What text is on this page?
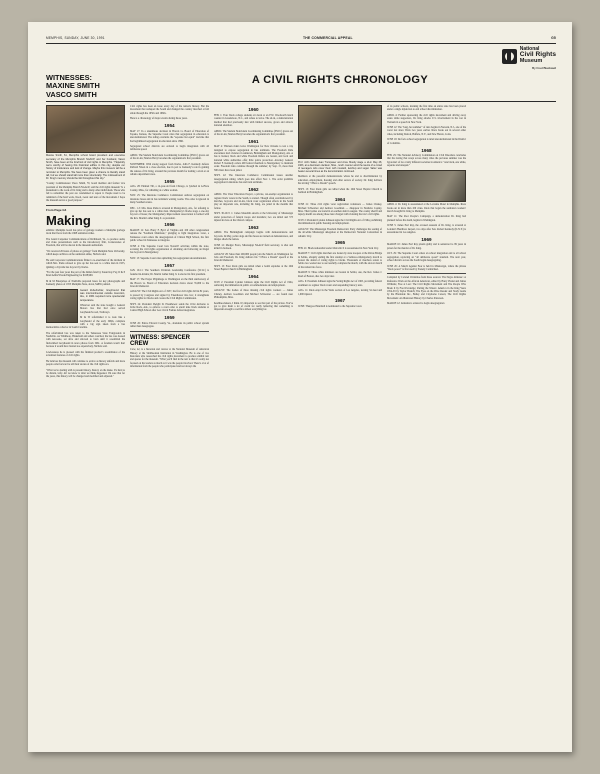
MEMPHIS, SUNDAY, JUNE 30, 1991	THE COMMERCIAL APPEAL	G5
National
Civil Rights
Museum
By Fred Blackwell
WITNESSES:
MAXINE SMITH
VASCO SMITH
A CIVIL RIGHTS CHRONOLOGY

Maxine Smith, 61, Memphis school board president and executive secretary of the Memphis Branch NAACP, and her husband, Vasco Smith, have been at the forefront of civil rights in Memphis. "Hopefully we're worthy of having this historical edifice in this city, despite our history of intolerance and lack of change. Maybe this museum will be a reminder to Memphis. We have been given a chance to literally stand tall, but we should stand tall more than structurally. The mistreatment of Dr. King's memory should be felt throughout this city."

"County Commissioner Vasco Smith, 70, board member and former vice president of the Memphis Branch NAACP, said the civil rights museum "is a monument to the work of Dr. King and to many other individuals. Those who fail to remember the past are condemned to repeat it. People need to be reminded of the hard work, blood, sweat and tears of the movement. I hope the museum serves a good purpose."

From Page G4
Making

exhibits: Memphis board bus price of garbage workers a Memphis garbage truck that flows from the 1968 sanitation strike.

The Grand Carpenter Communications of Richmond, Va., to produce audio and video presentations such as the introductory film, Cornerstones of Freedom, that will be shown in the museum auditorium.

"We received 26 hours of photos at garbage" from Memphis State University, which keeps archives on the sanitation strike, Nichols said.

He said Corporate Communications filmed a re-enactment of the incident in which Mrs. Parks refused to give up her bus seat to a white man in 1955, igniting a citywide bus boycott by blacks.

"For the past four years the part of the Indian fund by Susan Kay Fay, D & P hired Addis/Vlasak Engineering for $108,900.

M & M Enterprises of Nashville prepared bases for key photographs and Kennedy photos of 1955 Memphis State, down, M&W painted.

Gerard Zuberbuhler, Greyhound that was intercontinental outside Asuncion, Ala., in 1961 required more spectacular temperature.

Whatever said the state bought a General Motors bus that had once served Greyhound's road, Trailways.

M & W refurbished it to look like a Greyhound of the early 1960s, complete with a big sign taken from a bus memorabilia collector in South Carolina.

The refurbished bus was taken to the Tennessee State Fairgrounds in Nashville. As Wildmore, Blakefield and others watched, the bus was doused with kerosene, set afire and allowed to burn until it resembled the firebombed Greyhound in news photos from 1961. A foreman wasn't hurt because it would have burned too expensively, Nichols said.

Lawlessness he is pleased with the finished product's resemblance of the actualized features of civil rights.

He believes the museum will continue to evolve as history unfolds and more people order forward to tell their stories of the civil rights era.

"What we're dealing with is present history, history on the make. It's hard to be distant, lofty. All we know is what we think happened. I'm sure that for the years, this history will be changed and modified and adjusted."

Civil rights has been an issue every day of the nation's history. But the movement that reshaped the South and changed the country marched at full stride through the 1950s and 1960s.

Here is a chronology of major events during those years.

1954

MAY 17: In a unanimous decision in Brown vs. Board of Education of Topeka, Kansas, the Supreme Court rules that segregation in education is unconstitutional. The ruling overturns the "separate but equal" doctrine that had legitimized segregation in education since 1896.

Segregated school districts are ordered to begin integration with all deliberate speed.

APRIL: The Student Nonviolent Coordinating Committee (SNCC) grows out of the sit-ins; Marion Barry becomes the organization's first president.

NOVEMBER: With strong support from blacks, John F. Kennedy defeats Richard Nixon in a close election, due in part to Kennedy's role in gaining the release of Dr. King, arrested the previous month for leading a sit-in at an Atlanta department store.

1955

AUG. 28: Emmett Till, a 14-year-old from Chicago, is lynched in LeFlore County, Miss., for whistling at a white woman.

NOV. 25: The Interstate Commerce Commission outlaws segregation on interstate buses and in bus terminals waiting rooms. The order is ignored in many Southern states.

DEC. 1-5: Mrs. Rosa Parks is arrested in Montgomery, Ala., for refusing to give up her bus seat to a white man. Montgomery's blacks stage a one-day boycott of buses; the Montgomery Improvement Association is formed with the Rev. Martin Luther King Jr. as president.

1956

MARCH 12: Sen. Harry F. Byrd of Virginia and 100 other congressmen release the "Southern Manifesto," pledging to fight integration. Later, a Tennessee court orders the desegregation of Clinton High School, the first public school in Tennessee to integrate.

JUNE 4: The Supreme Court bars NAACP activities within the state, accusing the civil rights organization of obtaining and following an illegal bus boycott in Montgomery.

NOV. 13: Supreme Court rules upholding bus segregation unconstitutional.

1957

JAN. 10-11: The Southern Christian Leadership Conference (SCLC) is founded in Atlanta; Dr. Martin Luther King Jr. is elected its first president.

MAY 17: The Prayer Pilgrimage to Washington on the third anniversary of the Brown vs. Board of Education decision draws about 35,000 to the Lincoln Memorial.

AUGUST: The Civil Rights Act of 1957, the first civil rights bill in 82 years, is passed by Congress and signed by Eisenhower into law; it strengthens voting rights for blacks and creates the Civil Rights Commission.

SEPT. 24: President Dwight D. Eisenhower sends the 101st Airborne to Little Rock, Ark., to enforce a court order to enroll nine black students at Central High School after Gov. Orval Faubus defies integration.

1959

JUNE 26: Prince Edward County, Va., abandons its public school system rather than desegregate.

WITNESS: SPENCER CREW

Crew, 42, is a historian and curator at the National Museum of American History at the Smithsonian Institution in Washington. He is one of two historians who researched the civil rights movement to produce exhibit text and quotes for the museum. "What you'll find in the text is that it's really not focused on the leaders as much as it was the people involved. There's a lot of information from the people who participated and not always the

1960

FEB. 1: Four black college students sit down at an F.W. Woolworth lunch counter in Greensboro, N.C., and refuse to leave. The sit-in, a demonstration method that had previously met with limited success, grows and attracts national attention.

APRIL: The Student Nonviolent Coordinating Committee (SNCC) grows out of the sit-ins; Marion Barry becomes the organization's first president.

1961

MAY 4: Thirteen riders leave Washington for New Orleans to test a trip designed to expose segregation in bus terminals. The Freedom Ride encounters mob violence in Anniston, Birmingham and Montgomery, Ala. A bus is burned, black and white Freedom Riders are beaten, and local and national white authorities offer little police protection. Attorney General Robert F. Kennedy orders 400 federal marshals to Montgomery to maintain order. Freedom rides continue through the summer; by Sept. 15, more than 300 riders have been jailed.

SEPT. 22: The Interstate Commerce Commission issues another desegregation ruling, which goes into effect Nov. 1. The order prohibits segregation in interstate bus and train terminals.

1962

APRIL: The Voter Education Project, a private, tax-exempt organization to register black voters in the South, is started. Though often overshadowed by marches, boycotts and sit-ins, black voter registration efforts in the South play an important role, including Dr. King, are jailed in the months that follow.

SEPT. 30-OCT. 1: James Meredith enrolls at the University of Mississippi under protection of federal troops and marshals; two are killed and 375 injured in riots on the Oxford campus.

1963

APRIL: The Birmingham campaign begins with demonstrations and boycotts. In May, police dogs and fire hoses are turned on demonstrators, and images shock the nation.

JUNE 12: Medgar Evers, Mississippi NAACP field secretary, is shot and killed in Jackson.

AUGUST 28: More than 200,000 people join the March on Washington for Jobs and Freedom; Dr. King delivers his "I Have a Dream" speech at the Lincoln Memorial.

SEPT. 15: Four black girls are killed when a bomb explodes at the 16th Street Baptist Church in Birmingham.

1964

JULY 2: President Lyndon Johnson signs the Civil Rights Act of 1964, outlawing discrimination in public accommodations and employment.

AUGUST: The bodies of three missing civil rights workers — James Chaney, Andrew Goodman and Michael Schwerner — are found near Philadelphia, Miss.

headline-makers, I think. It's important to see that part of the picture. You've got to give them a lot of credit for really believing that something is important enough to sacrifice almost everything for.

Prof. John Salter, Jean Trumpauer and Anne Moody stage a sit-in May 28, 1963, at a downtown Jackson, Miss., lunch counter amid the taunts of a crowd of teenagers who cover them with mustard, ketchup and sugar. Salter was beaten several times as the demonstration continued.

Members at the peaceful demonstrations where he and to discrimination by education, employment, housing and other sectors of society. Dr. King delivers his stirring "I Have a Dream" speech.

SEPT. 15: Four black girls are killed when the 16th Street Baptist Church is bombed in Birmingham.

1964

JUNE 21: Three civil rights voter registration volunteers — James Chaney, Michael Schwerner and Andrew Goodman — disappear in Neshoba County, Miss. Their bodies are found in an earthen dam in August. The county sheriff and deputy sheriff are among those later charged with violating the trio's civil rights.

JULY 2: President Lyndon Johnson signs the Civil Rights Act of 1964, prohibiting discrimination in public housing and employment.

AUGUST: The Mississippi Freedom Democratic Party challenges the seating of the all-white Mississippi delegation at the Democratic National Convention in Atlantic City.

1965

FEB. 21: Black nationalist leader Malcolm X is assassinated in New York City.

MARCH 7: Civil rights marchers are beaten by state troopers at the Pettus Bridge in Selma, abruptly ending the first attempt at a Selma-to-Montgomery march to protest the denial of voting rights to blacks. Thousands of marchers return to Selma two weeks later to successfully complete the march, with the slow-it march of the nation into force.

MARCH 9: Three white ministers are beaten in Selma; one, the Rev. James J. Reeb of Boston, dies two days later.

AUG. 6: President Johnson signs the Voting Rights Act of 1965, providing federal examiners to register black voters and suspending literacy tests.

AUG. 11: Riots erupt in the Watts section of Los Angeles, leaving 34 dead and 1,000 injured.

1967

JUNE: Thurgood Marshall is nominated to the Supreme Court.

of its public schools, marking the first time an entire state has been placed under a single injunction to end school discrimination.

APRIL 4: Further sponsoring the civil rights movement and driving away states white supporters, Dr. King attacks U.S. involvement in the war in Vietnam in a speech in New York.

JUNE 12: The "long, hot summer" of riots begins in Newark, N.J., one of the worst riot since Watts two years earlier. Riots break out in several other cities, including Detroit, Buffalo, N.Y., and New Haven, Conn.

JUNE 19: De facto school segregation is ruled unconstitutional in the District of Columbia.

1968

FEB. 29: The National Advisory Commission on Civil Disorders concludes that the rioting that swept across many cities the previous summer was the byproduct of two vastly different societies in America: "one black, one white, separate and unequal."

APRIL 4: Dr. King is assassinated at the Lorraine Motel in Memphis. Riots break out in more than 100 cities. Riots that began the sanitation workers' march brought Dr. King to Memphis.

MAY 11: The Poor People's Campaign, a demonstration Dr. King had planned before his death, begins in Washington.

JUNE 5: James Earl Ray, the accused assassin of Dr. King, is arrested at London's Heathrow Airport, two days after Sen. Robert Kennedy (D-N.Y.) is assassinated in Los Angeles.

1969

MARCH 10: James Earl Ray pleads guilty and is sentenced to 99 years in prison for the murder of Dr. King.

OCT. 29: The Supreme Court orders an school integration end to all school segregation, replacing an "all deliberate speed" standard. The next year, school districts across the South begin desegregating.

JUNE 26: A March Against Fear is held in Mississippi, where the phrase "black power" is first used by Stokely Carmichael.

Compiled by Colonel Christmas from these sources: The Negro Almanac: A Reference Work on the African American, edited by Harry Ploski and James Williams; Free at Last: The Civil Rights Movement and The People Who Made It by Fred Powledge; Parting the Waters: America in the King Years 1954-63 by Taylor Branch; The Eyes on the Prize Reader and Study Guide by the Blackside Inc., Bailey and Clayborne Carson; The Civil Rights Movement: An Illustrated History by Charles Patterson.

MARCH 12: Alabama is ordered to begin desegregation
